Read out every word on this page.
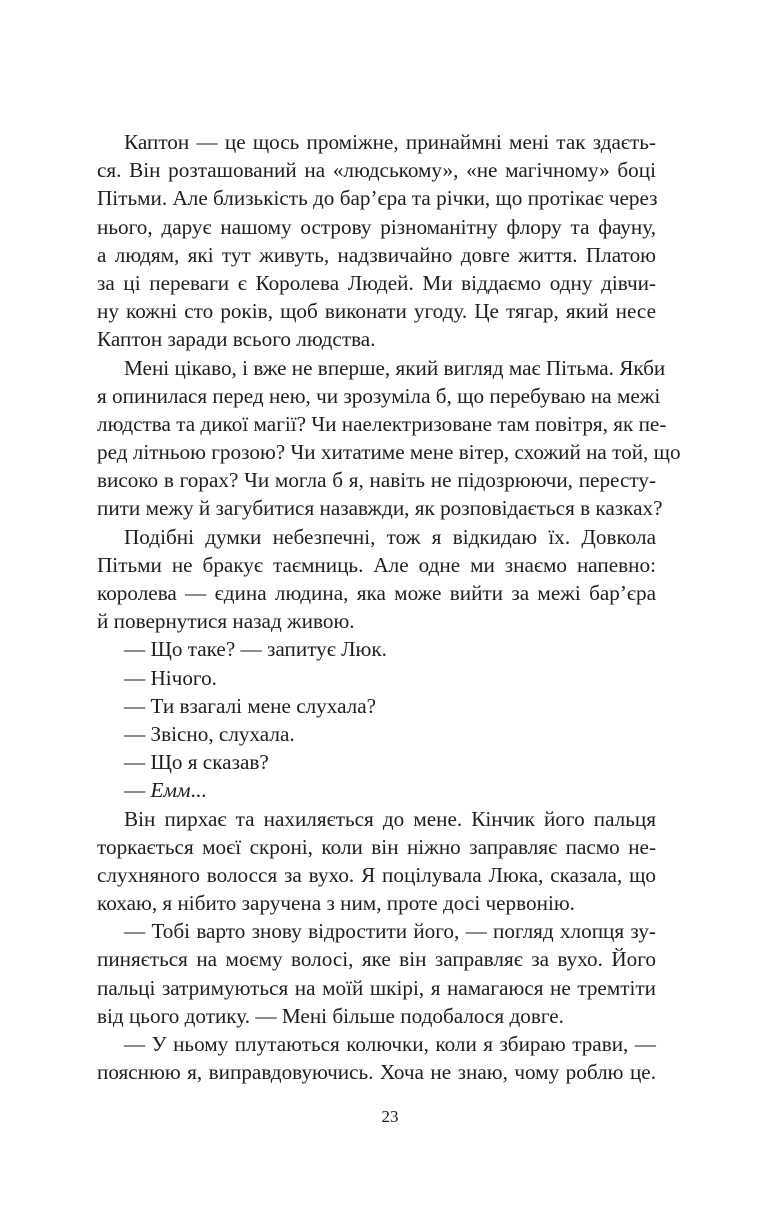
Каптон — це щось проміжне, принаймні мені так здаєть-
ся. Він розташований на «людському», «не магічному» боці
Пітьми. Але близькість до бар’єра та річки, що протікає через
нього, дарує нашому острову різноманітну флору та фауну,
а людям, які тут живуть, надзвичайно довге життя. Платою
за ці переваги є Королева Людей. Ми віддаємо одну дівчи-
ну кожні сто років, щоб виконати угоду. Це тягар, який несе
Каптон заради всього людства.
Мені цікаво, і вже не вперше, який вигляд має Пітьма. Якби
я опинилася перед нею, чи зрозуміла б, що перебуваю на межі
людства та дикої магії? Чи наелектризоване там повітря, як пе-
ред літньою грозою? Чи хитатиме мене вітер, схожий на той, що
високо в горах? Чи могла б я, навіть не підозрюючи, пересту-
пити межу й загубитися назавжди, як розповідається в казках?
Подібні думки небезпечні, тож я відкидаю їх. Довкола
Пітьми не бракує таємниць. Але одне ми знаємо напевно:
королева — єдина людина, яка може вийти за межі бар’єра
й повернутися назад живою.
— Що таке? — запитує Люк.
— Нічого.
— Ти взагалі мене слухала?
— Звісно, слухала.
— Що я сказав?
— Емм...
Він пирхає та нахиляється до мене. Кінчик його пальця
торкається моєї скроні, коли він ніжно заправляє пасмо не-
слухняного волосся за вухо. Я поцілувала Люка, сказала, що
кохаю, я нібито заручена з ним, проте досі червонію.
— Тобі варто знову відростити його, — погляд хлопця зу-
пиняється на моєму волосі, яке він заправляє за вухо. Його
пальці затримуються на моїй шкірі, я намагаюся не тремтіти
від цього дотику. — Мені більше подобалося довге.
— У ньому плутаються колючки, коли я збираю трави, —
пояснюю я, виправдовуючись. Хоча не знаю, чому роблю це.
23
